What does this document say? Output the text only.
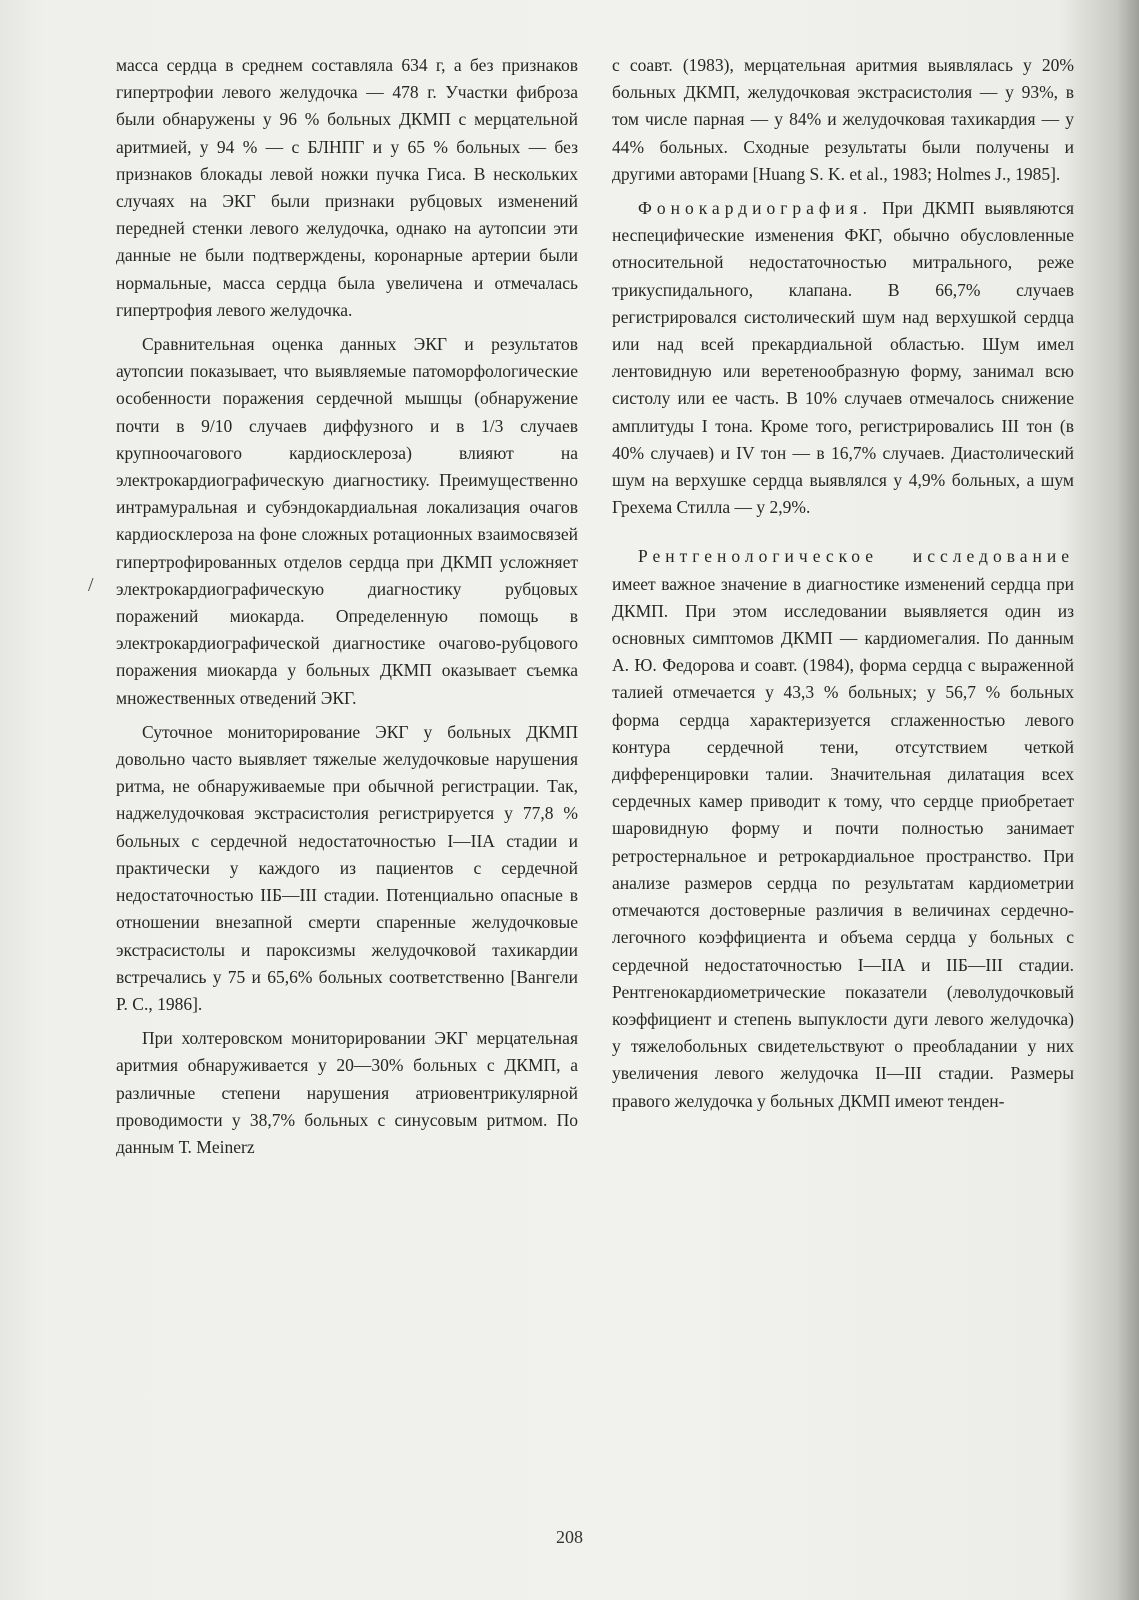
/

масса сердца в среднем составляла 634 г, а без признаков гипертрофии левого желудочка — 478 г. Участки фиброза были обнаружены у 96 % больных ДКМП с мерцательной аритмией, у 94 % — с БЛНПГ и у 65 % больных — без признаков блокады левой ножки пучка Гиса. В нескольких случаях на ЭКГ были признаки рубцовых изменений передней стенки левого желудочка, однако на аутопсии эти данные не были подтверждены, коронарные артерии были нормальные, масса сердца была увеличена и отмечалась гипертрофия левого желудочка.

Сравнительная оценка данных ЭКГ и результатов аутопсии показывает, что выявляемые патоморфологические особенности поражения сердечной мышцы (обнаружение почти в 9/10 случаев диффузного и в 1/3 случаев крупноочагового кардиосклероза) влияют на электрокардиографическую диагностику. Преимущественно интрамуральная и субэндокардиальная локализация очагов кардиосклероза на фоне сложных ротационных взаимосвязей гипертрофированных отделов сердца при ДКМП усложняет электрокардиографическую диагностику рубцовых поражений миокарда. Определенную помощь в электрокардиографической диагностике очагово-рубцового поражения миокарда у больных ДКМП оказывает съемка множественных отведений ЭКГ.

Суточное мониторирование ЭКГ у больных ДКМП довольно часто выявляет тяжелые желудочковые нарушения ритма, не обнаруживаемые при обычной регистрации. Так, наджелудочковая экстрасистолия регистрируется у 77,8 % больных с сердечной недостаточностью I—IIА стадии и практически у каждого из пациентов с сердечной недостаточностью IIБ—III стадии. Потенциально опасные в отношении внезапной смерти спаренные желудочковые экстрасистолы и пароксизмы желудочковой тахикардии встречались у 75 и 65,6% больных соответственно [Вангели Р. С., 1986].

При холтеровском мониторировании ЭКГ мерцательная аритмия обнаруживается у 20—30% больных с ДКМП, а различные степени нарушения атриовентрикулярной проводимости у 38,7% больных с синусовым ритмом. По данным Т. Meinerz

с соавт. (1983), мерцательная аритмия выявлялась у 20% больных ДКМП, желудочковая экстрасистолия — у 93%, в том числе парная — у 84% и желудочковая тахикардия — у 44% больных. Сходные результаты были получены и другими авторами [Huang S. K. et al., 1983; Holmes J., 1985].

Фонокардиография. При ДКМП выявляются неспецифические изменения ФКГ, обычно обусловленные относительной недостаточностью митрального, реже трикуспидального, клапана. В 66,7% случаев регистрировался систолический шум над верхушкой сердца или над всей прекардиальной областью. Шум имел лентовидную или веретенообразную форму, занимал всю систолу или ее часть. В 10% случаев отмечалось снижение амплитуды I тона. Кроме того, регистрировались III тон (в 40% случаев) и IV тон — в 16,7% случаев. Диастолический шум на верхушке сердца выявлялся у 4,9% больных, а шум Грехема Стилла — у 2,9%.

Рентгенологическое исследование имеет важное значение в диагностике изменений сердца при ДКМП. При этом исследовании выявляется один из основных симптомов ДКМП — кардиомегалия. По данным А. Ю. Федорова и соавт. (1984), форма сердца с выраженной талией отмечается у 43,3 % больных; у 56,7 % больных форма сердца характеризуется сглаженностью левого контура сердечной тени, отсутствием четкой дифференцировки талии. Значительная дилатация всех сердечных камер приводит к тому, что сердце приобретает шаровидную форму и почти полностью занимает ретростернальное и ретрокардиальное пространство. При анализе размеров сердца по результатам кардиометрии отмечаются достоверные различия в величинах сердечно-легочного коэффициента и объема сердца у больных с сердечной недостаточностью I—IIА и IIБ—III стадии. Рентгенокардиометрические показатели (леволудочковый коэффициент и степень выпуклости дуги левого желудочка) у тяжелобольных свидетельствуют о преобладании у них увеличения левого желудочка II—III стадии. Размеры правого желудочка у больных ДКМП имеют тенден-

208
